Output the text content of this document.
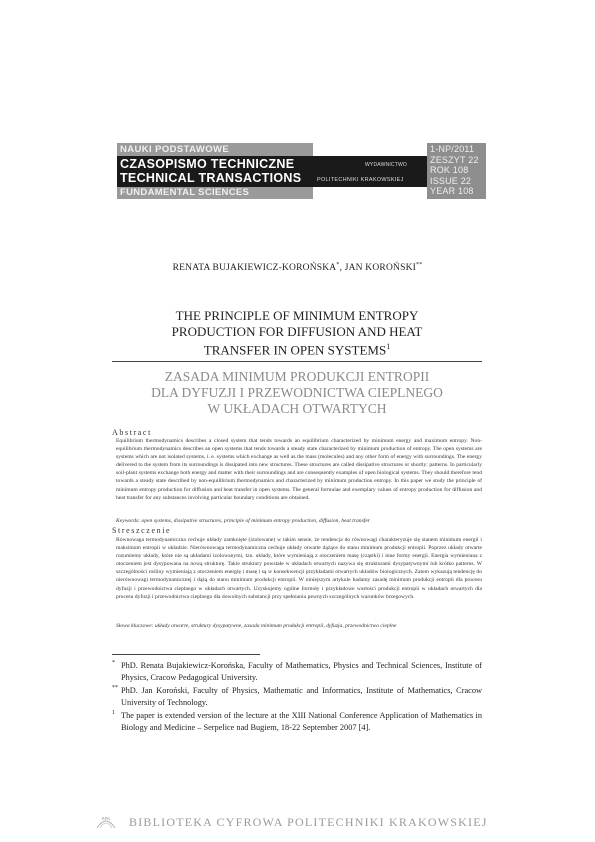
NAUKI PODSTAWOWE
CZASOPISMO TECHNICZNE
TECHNICAL TRANSACTIONS
WYDAWNICTWO
POLITECHNIKI KRAKOWSKIEJ
FUNDAMENTAL SCIENCES
1-NP/2011
ZESZYT 22
ROK 108
ISSUE 22
YEAR 108
RENATA BUJAKIEWICZ-KOROŃSKA*, JAN KOROŃSKI**
THE PRINCIPLE OF MINIMUM ENTROPY
PRODUCTION FOR DIFFUSION AND HEAT
TRANSFER IN OPEN SYSTEMS$^1$
ZASADA MINIMUM PRODUKCJI ENTROPII
DLA DYFUZJI I PRZEWODNICTWA CIEPLNEGO
W UKŁADACH OTWARTYCH
Abstract
Equilibrium thermodynamics describes a closed system that tends towards an equilibrium characterized by minimum energy and maximum entropy. Non-equilibrium thermodynamics describes an open systems that tends towards a steady state characterized by minimum production of entropy. The open systems are systems which are not isolated systems, i. e. systems which exchange as well as the mass (molecules) and any other form of energy with surroundings. The energy delivered to the system from its surroundings is dissipated into new structures. These structures are called dissipative structures or shortly: patterns. In particularly soil-plant systems exchange both energy and matter with their surroundings and are consequently examples of open biological systems. They should therefore tend towards a steady state described by non-equilibrium thermodynamics and characterized by minimum production entropy. In this paper we study the principle of minimum entropy production for diffusion and heat transfer in open systems. The general formulae and exemplary values of entropy production for diffusion and heat transfer for any substances involving particular boundary conditions are obtained.
Keywords: open systems, dissipative structures, principle of minimum entropy production, diffusion, heat transfer
Streszczenie
Równowaga termodynamiczna cechuje układy zamknięte (izolowane) w takim sensie, że tendencja do równowagi charakteryzuje się stanem minimum energii i maksimum entropii w układzie. Nierównowaga termodynamiczna cechuje układy otwarte dążące do stanu minimum produkcji entropii. Poprzez układy otwarte rozumiemy układy, które nie są układami izolowanymi, tzn. układy, które wymieniają z otoczeniem masę (cząstki) i inne formy energii. Energia wymieniana z otoczeniem jest dysypowana na nową strukturę. Takie struktury powstałe w układach otwartych nazywa się strukturami dysypatywnymi lub krótko patterns. W szczególności rośliny wymieniają z otoczeniem energię i masę i są w konsekwencji przykładami otwartych układów biologicznych. Zatem wykazują tendencję do nierównowagi termodynamicznej i dążą do stanu minimum produkcji entropii. W niniejszym artykule badamy zasadę minimum produkcji entropii dla procesu dyfuzji i przewodnictwa cieplnego w układach otwartych. Uzyskujemy ogólne formuły i przykładowe wartości produkcji entropii w układach otwartych dla procesu dyfuzji i przewodnictwa cieplnego dla dowolnych substancji przy spełnianiu pewnych szczególnych warunków brzegowych.
Słowa kluczowe: układy otwarte, struktury dysypatywne, zasada minimum produkcji entropii, dyfuzja, przewodnictwo cieplne
* PhD. Renata Bujakiewicz-Korońska, Faculty of Mathematics, Physics and Technical Sciences, Institute of Physics, Cracow Pedagogical University.
** PhD. Jan Koroński, Faculty of Physics, Mathematic and Informatics, Institute of Mathematics, Cracow University of Technology.
1 The paper is extended version of the lecture at the XIII National Conference Application of Mathematics in Biology and Medicine – Serpelice nad Bugiem, 18-22 September 2007 [4].
BPK BIBLIOTEKA CYFROWA POLITECHNIKI KRAKOWSKIEJ
